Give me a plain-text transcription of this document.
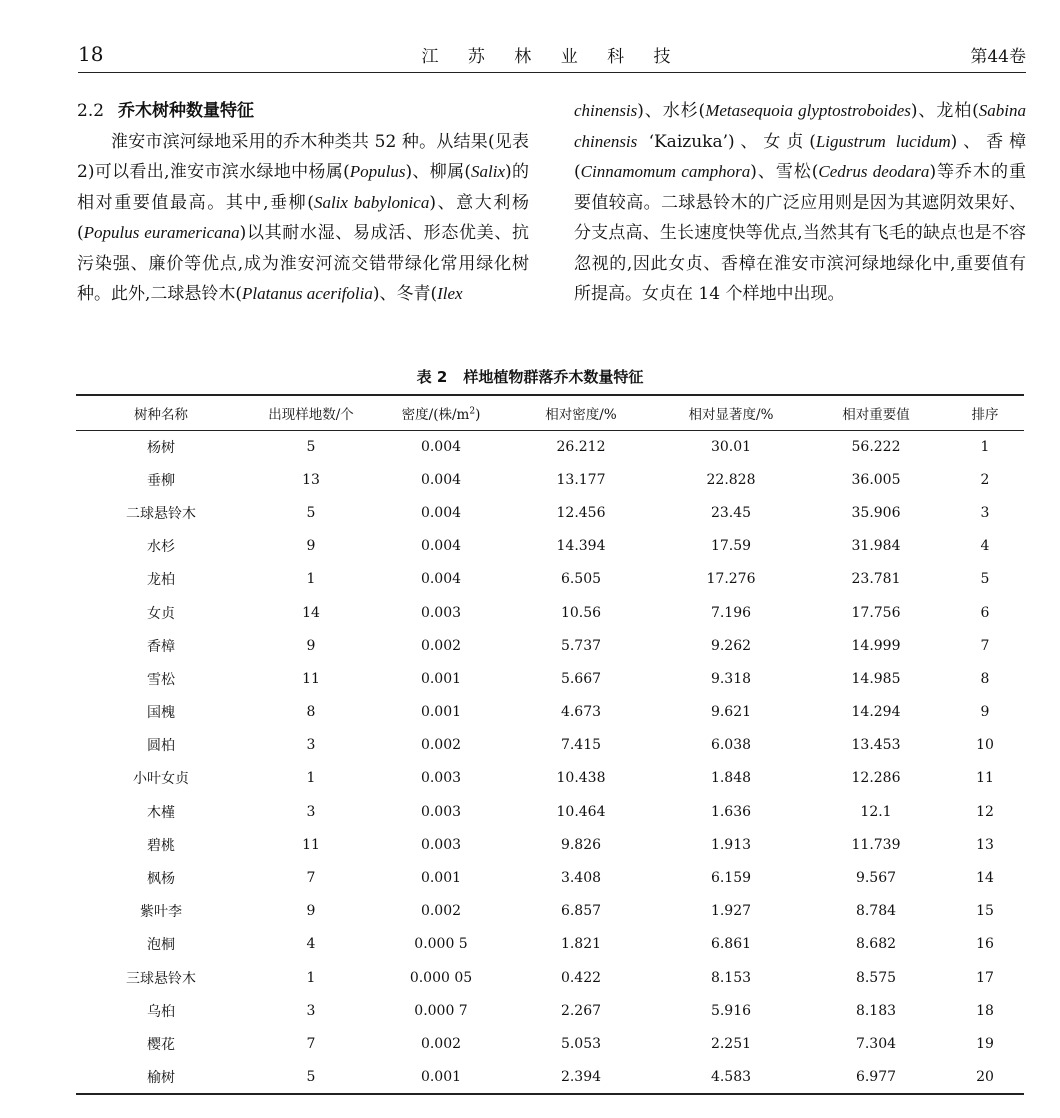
18	江 苏 林 业 科 技	第44卷

2.2 乔木树种数量特征

淮安市滨河绿地采用的乔木种类共 52 种。从结果(见表 2)可以看出,淮安市滨水绿地中杨属(Populus)、柳属(Salix)的相对重要值最高。其中,垂柳(Salix babylonica)、意大利杨(Populus euramericana)以其耐水湿、易成活、形态优美、抗污染强、廉价等优点,成为淮安河流交错带绿化常用绿化树种。此外,二球悬铃木(Platanus acerifolia)、冬青(Ilex

chinensis)、水杉(Metasequoia glyptostroboides)、龙柏(Sabina chinensis ‘Kaizuka’)、女贞(Ligustrum lucidum)、香樟(Cinnamomum camphora)、雪松(Cedrus deodara)等乔木的重要值较高。二球悬铃木的广泛应用则是因为其遮阴效果好、分支点高、生长速度快等优点,当然其有飞毛的缺点也是不容忽视的,因此女贞、香樟在淮安市滨河绿地绿化中,重要值有所提高。女贞在 14 个样地中出现。

表 2 样地植物群落乔木数量特征
树种名称	出现样地数/个	密度/(株$/m^2$)	相对密度/%	相对显著度/%	相对重要值	排序
杨树	5	0.004	26.212	30.01	56.222	1
垂柳	13	0.004	13.177	22.828	36.005	2
二球悬铃木	5	0.004	12.456	23.45	35.906	3
水杉	9	0.004	14.394	17.59	31.984	4
龙柏	1	0.004	6.505	17.276	23.781	5
女贞	14	0.003	10.56	7.196	17.756	6
香樟	9	0.002	5.737	9.262	14.999	7
雪松	11	0.001	5.667	9.318	14.985	8
国槐	8	0.001	4.673	9.621	14.294	9
圆柏	3	0.002	7.415	6.038	13.453	10
小叶女贞	1	0.003	10.438	1.848	12.286	11
木槿	3	0.003	10.464	1.636	12.1	12
碧桃	11	0.003	9.826	1.913	11.739	13
枫杨	7	0.001	3.408	6.159	9.567	14
紫叶李	9	0.002	6.857	1.927	8.784	15
泡桐	4	0.000 5	1.821	6.861	8.682	16
三球悬铃木	1	0.000 05	0.422	8.153	8.575	17
乌桕	3	0.000 7	2.267	5.916	8.183	18
樱花	7	0.002	5.053	2.251	7.304	19
榆树	5	0.001	2.394	4.583	6.977	20
